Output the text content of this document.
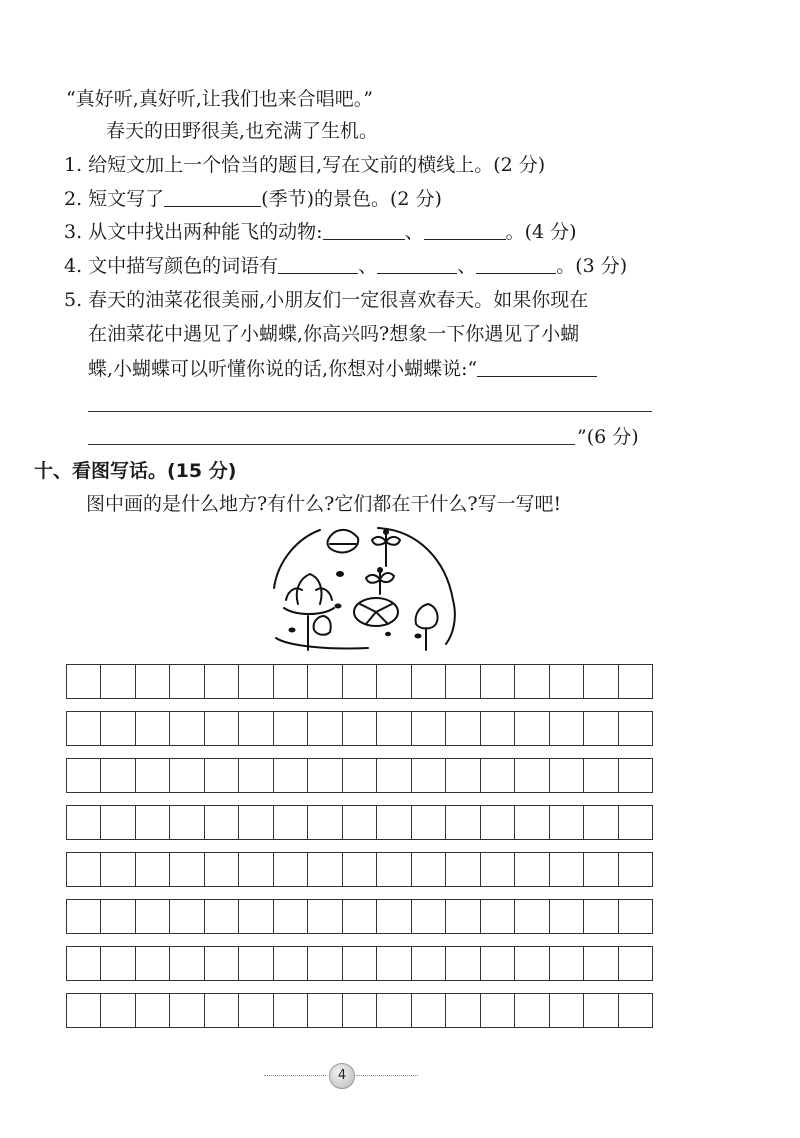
“真好听,真好听,让我们也来合唱吧。”
春天的田野很美,也充满了生机。
1. 给短文加上一个恰当的题目,写在文前的横线上。(2 分)
2. 短文写了	(季节)的景色。(2 分)
3. 从文中找出两种能飞的动物:	、	。(4 分)
4. 文中描写颜色的词语有	、	、	。(3 分)
5. 春天的油菜花很美丽,小朋友们一定很喜欢春天。如果你现在
在油菜花中遇见了小蝴蝶,你高兴吗?想象一下你遇见了小蝴
蝶,小蝴蝶可以听懂你说的话,你想对小蝴蝶说:“
”(6 分)
十、看图写话。(15 分)
图中画的是什么地方?有什么?它们都在干什么?写一写吧!
4
